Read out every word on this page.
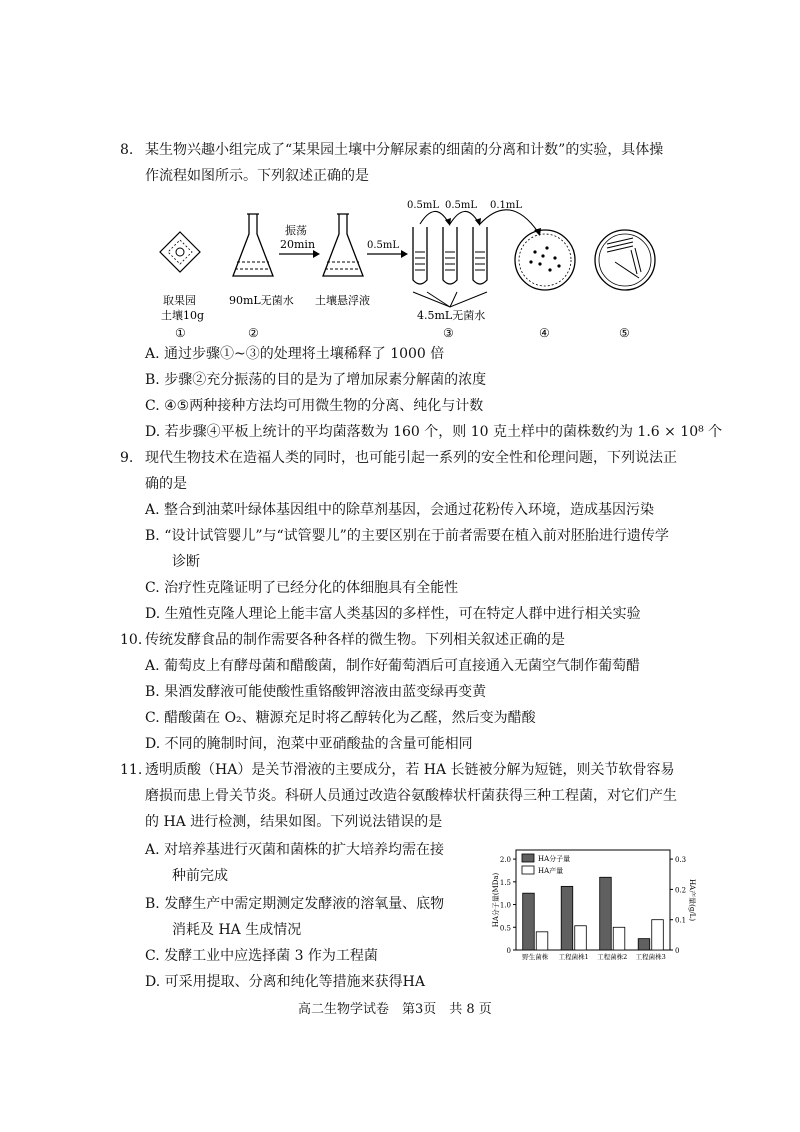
8. 某生物兴趣小组完成了“某果园土壤中分解尿素的细菌的分离和计数”的实验，具体操
作流程如图所示。下列叙述正确的是
取果园
土壤10g
90mL无菌水
振荡
20min
土壤悬浮液
0.5mL
0.5mL 0.5mL 0.1mL
4.5mL无菌水
①	②	③	④	⑤
A. 通过步骤①~③的处理将土壤稀释了 1000 倍
B. 步骤②充分振荡的目的是为了增加尿素分解菌的浓度
C. ④⑤两种接种方法均可用微生物的分离、纯化与计数
D. 若步骤④平板上统计的平均菌落数为 160 个，则 10 克土样中的菌株数约为 1.6 × 10⁸ 个
9. 现代生物技术在造福人类的同时，也可能引起一系列的安全性和伦理问题，下列说法正
确的是
A. 整合到油菜叶绿体基因组中的除草剂基因，会通过花粉传入环境，造成基因污染
B. “设计试管婴儿”与“试管婴儿”的主要区别在于前者需要在植入前对胚胎进行遗传学
诊断
C. 治疗性克隆证明了已经分化的体细胞具有全能性
D. 生殖性克隆人理论上能丰富人类基因的多样性，可在特定人群中进行相关实验
10. 传统发酵食品的制作需要各种各样的微生物。下列相关叙述正确的是
A. 葡萄皮上有酵母菌和醋酸菌，制作好葡萄酒后可直接通入无菌空气制作葡萄醋
B. 果酒发酵液可能使酸性重铬酸钾溶液由蓝变绿再变黄
C. 醋酸菌在 O₂、糖源充足时将乙醇转化为乙醛，然后变为醋酸
D. 不同的腌制时间，泡菜中亚硝酸盐的含量可能相同
11. 透明质酸（HA）是关节滑液的主要成分，若 HA 长链被分解为短链，则关节软骨容易
磨损而患上骨关节炎。科研人员通过改造谷氨酸棒状杆菌获得三种工程菌，对它们产生
的 HA 进行检测，结果如图。下列说法错误的是
A. 对培养基进行灭菌和菌株的扩大培养均需在接
种前完成
B. 发酵生产中需定期测定发酵液的溶氧量、底物
消耗及 HA 生成情况
C. 发酵工业中应选择菌 3 作为工程菌
D. 可采用提取、分离和纯化等措施来获得HA
0
0.5
1.0
1.5
2.0
0
0.1
0.2
0.3
HA分子量(MDa)	HA产量(g/L)
野生菌株 工程菌株1 工程菌株2 工程菌株3
HA分子量
HA产量
高二生物学试卷　第3页　共 8 页
